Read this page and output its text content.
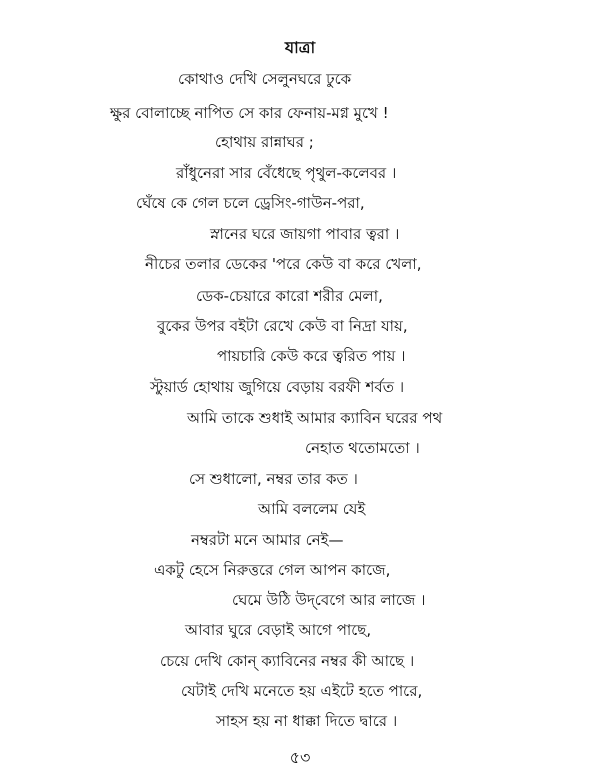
যাত্রা
কোথাও দেখি সেলুনঘরে ঢুকে
ক্ষুর বোলাচ্ছে নাপিত সে কার ফেনায়-মগ্ন মুখে !
হোথায় রান্নাঘর ;
রাঁধুনেরা সার বেঁধেছে পৃথুল-কলেবর ।
ঘেঁষে কে গেল চলে ড্রেসিং-গাউন-পরা,
স্নানের ঘরে জায়গা পাবার ত্বরা ।
নীচের তলার ডেকের 'পরে কেউ বা করে খেলা,
ডেক-চেয়ারে কারো শরীর মেলা,
বুকের উপর বইটা রেখে কেউ বা নিদ্রা যায়,
পায়চারি কেউ করে ত্বরিত পায় ।
স্টুয়ার্ড হোথায় জুগিয়ে বেড়ায় বরফী শর্বত ।
আমি তাকে শুধাই আমার ক্যাবিন ঘরের পথ
নেহাত থতোমতো ।
সে শুধালো, নম্বর তার কত ।
আমি বললেম যেই
নম্বরটা মনে আমার নেই—
একটু হেসে নিরুত্তরে গেল আপন কাজে,
ঘেমে উঠি উদ্‌বেগে আর লাজে ।
আবার ঘুরে বেড়াই আগে পাছে,
চেয়ে দেখি কোন্ ক্যাবিনের নম্বর কী আছে ।
যেটাই দেখি মনেতে হয় এইটে হতে পারে,
সাহস হয় না ধাক্কা দিতে দ্বারে ।
৫৩
